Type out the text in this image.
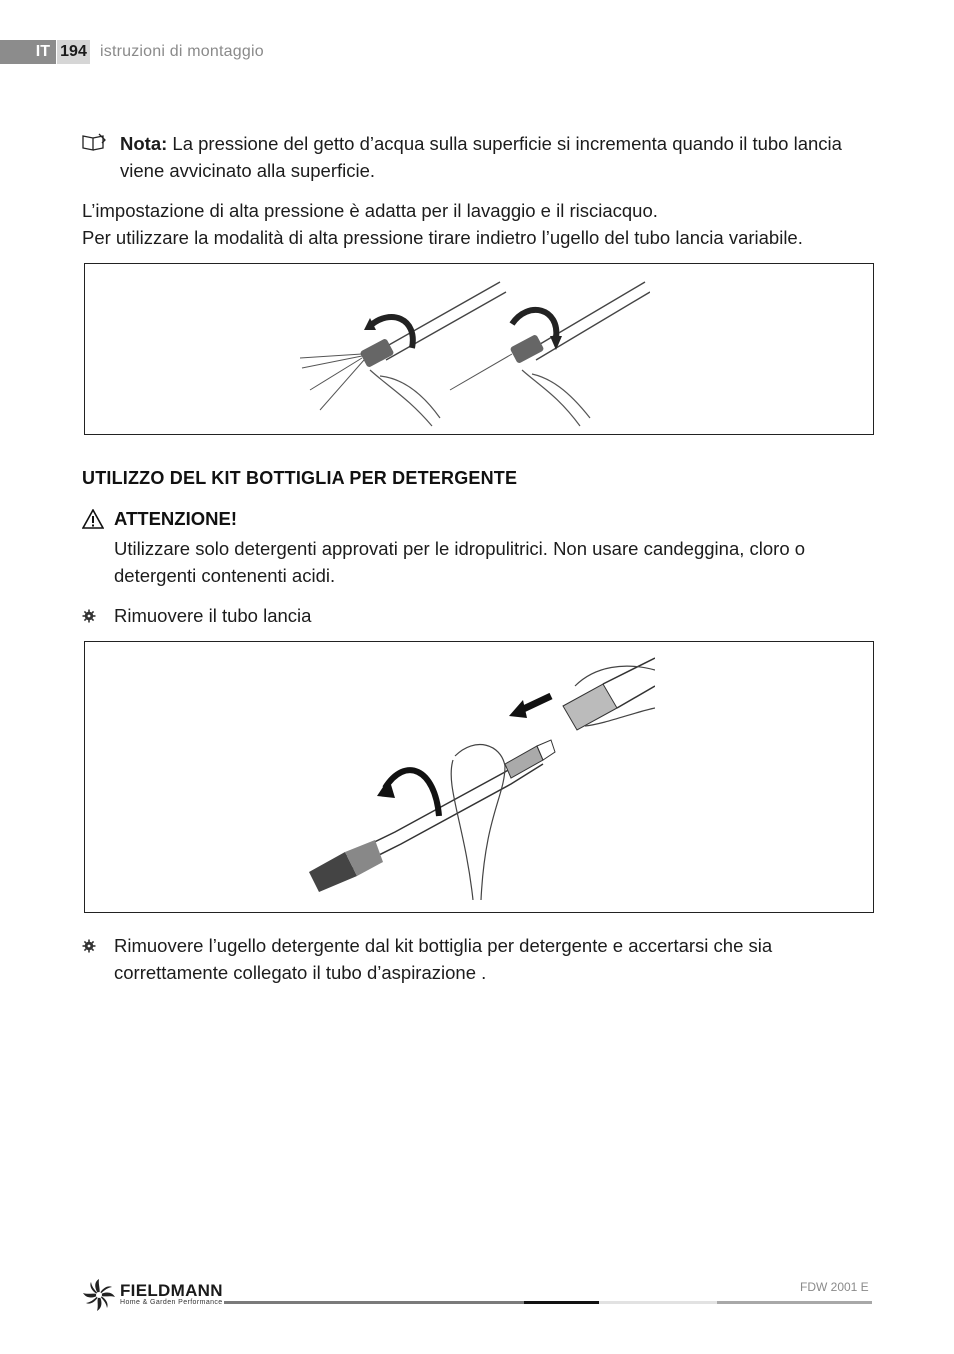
IT 194 istruzioni di montaggio
Nota: La pressione del getto d’acqua sulla superficie si incrementa quando il tubo lancia viene avvicinato alla superficie.
L’impostazione di alta pressione è adatta per il lavaggio e il risciacquo.
Per utilizzare la modalità di alta pressione tirare indietro l’ugello del tubo lancia variabile.
UTILIZZO DEL KIT BOTTIGLIA PER DETERGENTE
ATTENZIONE!
Utilizzare solo detergenti approvati per le idropulitrici. Non usare candeggina, cloro o detergenti contenenti acidi.
Rimuovere il tubo lancia
Rimuovere l’ugello detergente dal kit bottiglia per detergente e accertarsi che sia correttamente collegato il tubo d’aspirazione .
FIELDMANN
Home & Garden Performance
FDW 2001 E
